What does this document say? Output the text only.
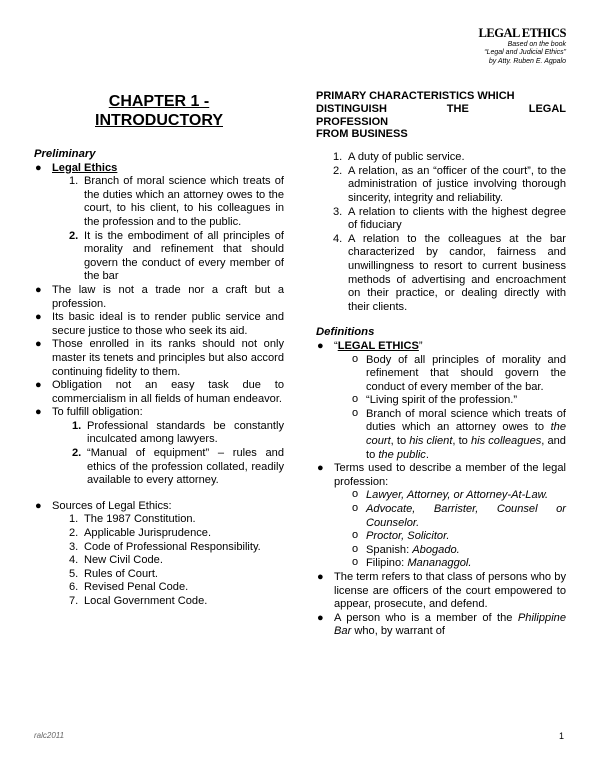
LEGAL ETHICS
Based on the book
“Legal and Judicial Ethics”
by Atty. Ruben E. Agpalo
CHAPTER 1 -
INTRODUCTORY
Preliminary
● Legal Ethics
1. Branch of moral science which treats of the duties which an attorney owes to the court, to his client, to his colleagues in the profession and to the public.
2. It is the embodiment of all principles of morality and refinement that should govern the conduct of every member of the bar
● The law is not a trade nor a craft but a profession.
● Its basic ideal is to render public service and secure justice to those who seek its aid.
● Those enrolled in its ranks should not only master its tenets and principles but also accord continuing fidelity to them.
● Obligation not an easy task due to commercialism in all fields of human endeavor.
● To fulfill obligation:
1. Professional standards be constantly inculcated among lawyers.
2. “Manual of equipment” – rules and ethics of the profession collated, readily available to every attorney.
● Sources of Legal Ethics:
1. The 1987 Constitution.
2. Applicable Jurisprudence.
3. Code of Professional Responsibility.
4. New Civil Code.
5. Rules of Court.
6. Revised Penal Code.
7. Local Government Code.
PRIMARY CHARACTERISTICS WHICH
DISTINGUISH THE LEGAL
PROFESSION
FROM BUSINESS
1. A duty of public service.
2. A relation, as an “officer of the court”, to the administration of justice involving thorough sincerity, integrity and reliability.
3. A relation to clients with the highest degree of fiduciary
4. A relation to the colleagues at the bar characterized by candor, fairness and unwillingness to resort to current business methods of advertising and encroachment on their practice, or dealing directly with their clients.
Definitions
● “LEGAL ETHICS”
o Body of all principles of morality and refinement that should govern the conduct of every member of the bar.
o “Living spirit of the profession.”
o Branch of moral science which treats of duties which an attorney owes to the court, to his client, to his colleagues, and to the public.
● Terms used to describe a member of the legal profession:
o Lawyer, Attorney, or Attorney-At-Law.
o Advocate, Barrister, Counsel or Counselor.
o Proctor, Solicitor.
o Spanish: Abogado.
o Filipino: Mananaggol.
● The term refers to that class of persons who by license are officers of the court empowered to appear, prosecute, and defend.
● A person who is a member of the Philippine Bar who, by warrant of
ralc2011	1
